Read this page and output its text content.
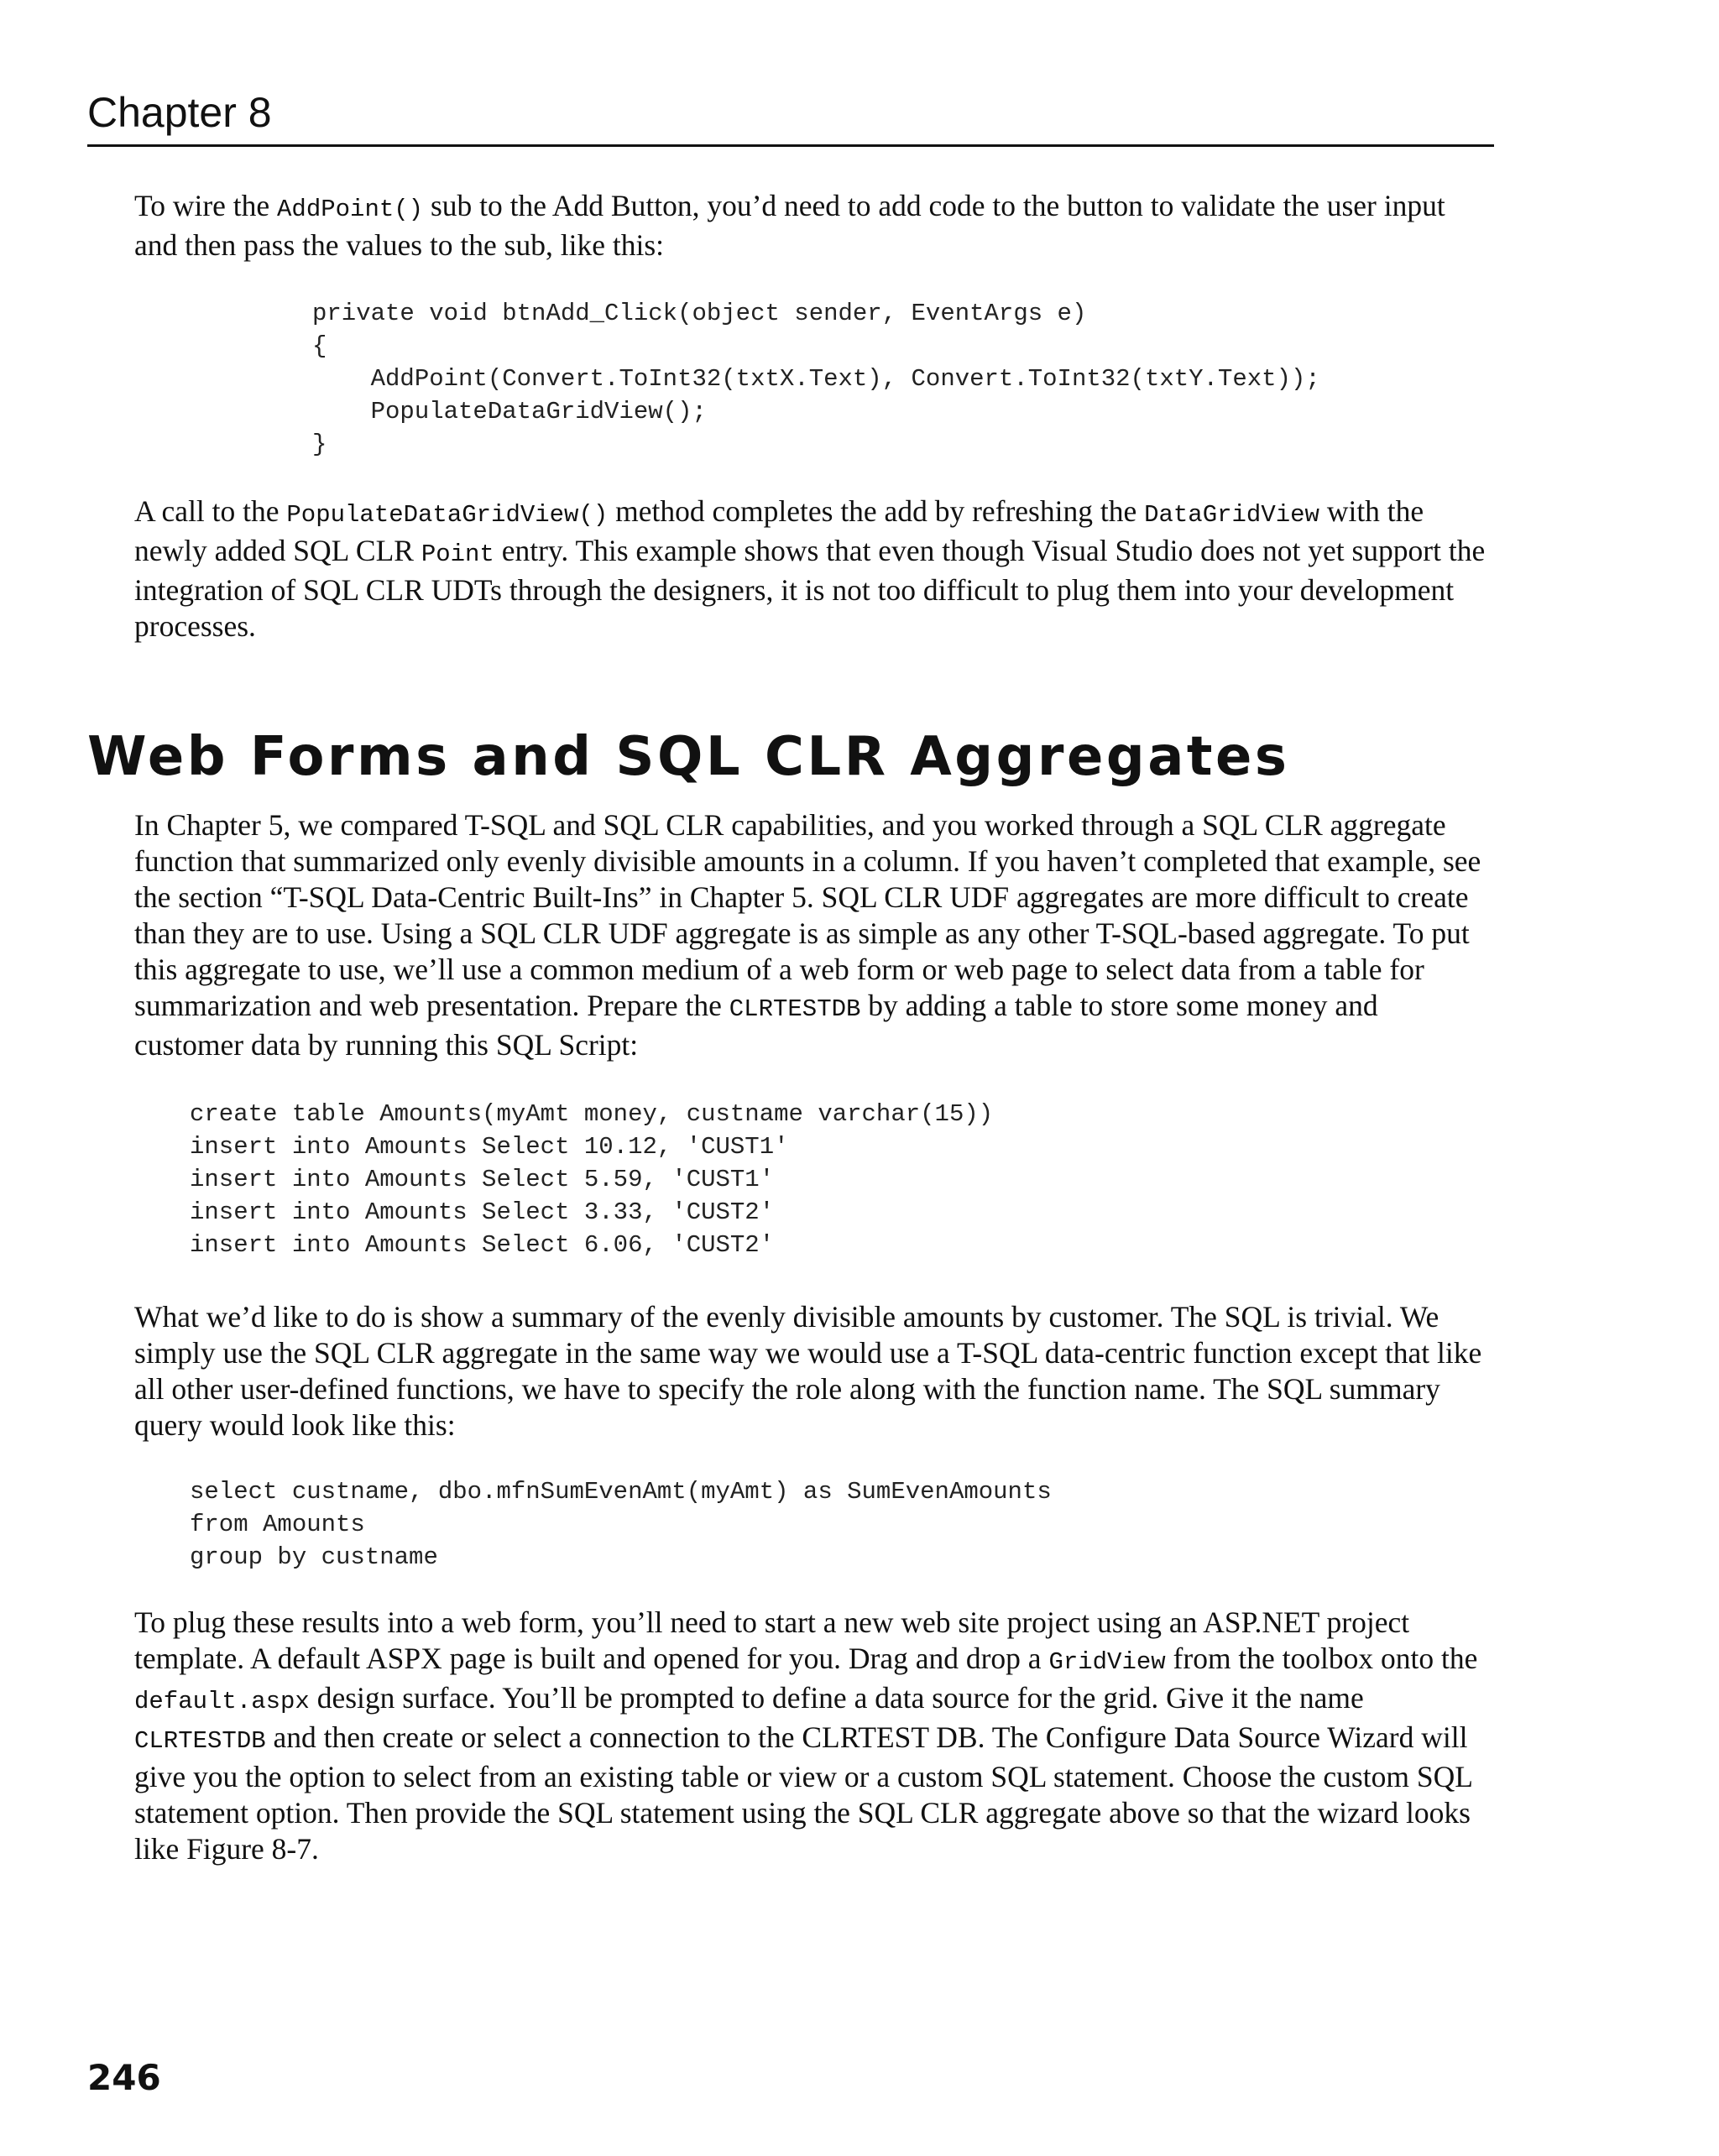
Chapter 8

To wire the AddPoint() sub to the Add Button, you’d need to add code to the button to validate the user input and then pass the values to the sub, like this:

private void btnAdd_Click(object sender, EventArgs e)
{
AddPoint(Convert.ToInt32(txtX.Text), Convert.ToInt32(txtY.Text));
PopulateDataGridView();
}

A call to the PopulateDataGridView() method completes the add by refreshing the DataGridView with the newly added SQL CLR Point entry. This example shows that even though Visual Studio does not yet support the integration of SQL CLR UDTs through the designers, it is not too difficult to plug them into your development processes.

Web Forms and SQL CLR Aggregates

In Chapter 5, we compared T-SQL and SQL CLR capabilities, and you worked through a SQL CLR aggregate function that summarized only evenly divisible amounts in a column. If you haven’t completed that example, see the section “T-SQL Data-Centric Built-Ins” in Chapter 5. SQL CLR UDF aggregates are more difficult to create than they are to use. Using a SQL CLR UDF aggregate is as simple as any other T-SQL-based aggregate. To put this aggregate to use, we’ll use a common medium of a web form or web page to select data from a table for summarization and web presentation. Prepare the CLRTESTDB by adding a table to store some money and customer data by running this SQL Script:

create table Amounts(myAmt money, custname varchar(15))
insert into Amounts Select 10.12, 'CUST1'
insert into Amounts Select 5.59, 'CUST1'
insert into Amounts Select 3.33, 'CUST2'
insert into Amounts Select 6.06, 'CUST2'

What we’d like to do is show a summary of the evenly divisible amounts by customer. The SQL is trivial. We simply use the SQL CLR aggregate in the same way we would use a T-SQL data-centric function except that like all other user-defined functions, we have to specify the role along with the function name. The SQL summary query would look like this:

select custname, dbo.mfnSumEvenAmt(myAmt) as SumEvenAmounts
from Amounts
group by custname

To plug these results into a web form, you’ll need to start a new web site project using an ASP.NET project template. A default ASPX page is built and opened for you. Drag and drop a GridView from the toolbox onto the default.aspx design surface. You’ll be prompted to define a data source for the grid. Give it the name CLRTESTDB and then create or select a connection to the CLRTEST DB. The Configure Data Source Wizard will give you the option to select from an existing table or view or a custom SQL statement. Choose the custom SQL statement option. Then provide the SQL statement using the SQL CLR aggregate above so that the wizard looks like Figure 8-7.

246
